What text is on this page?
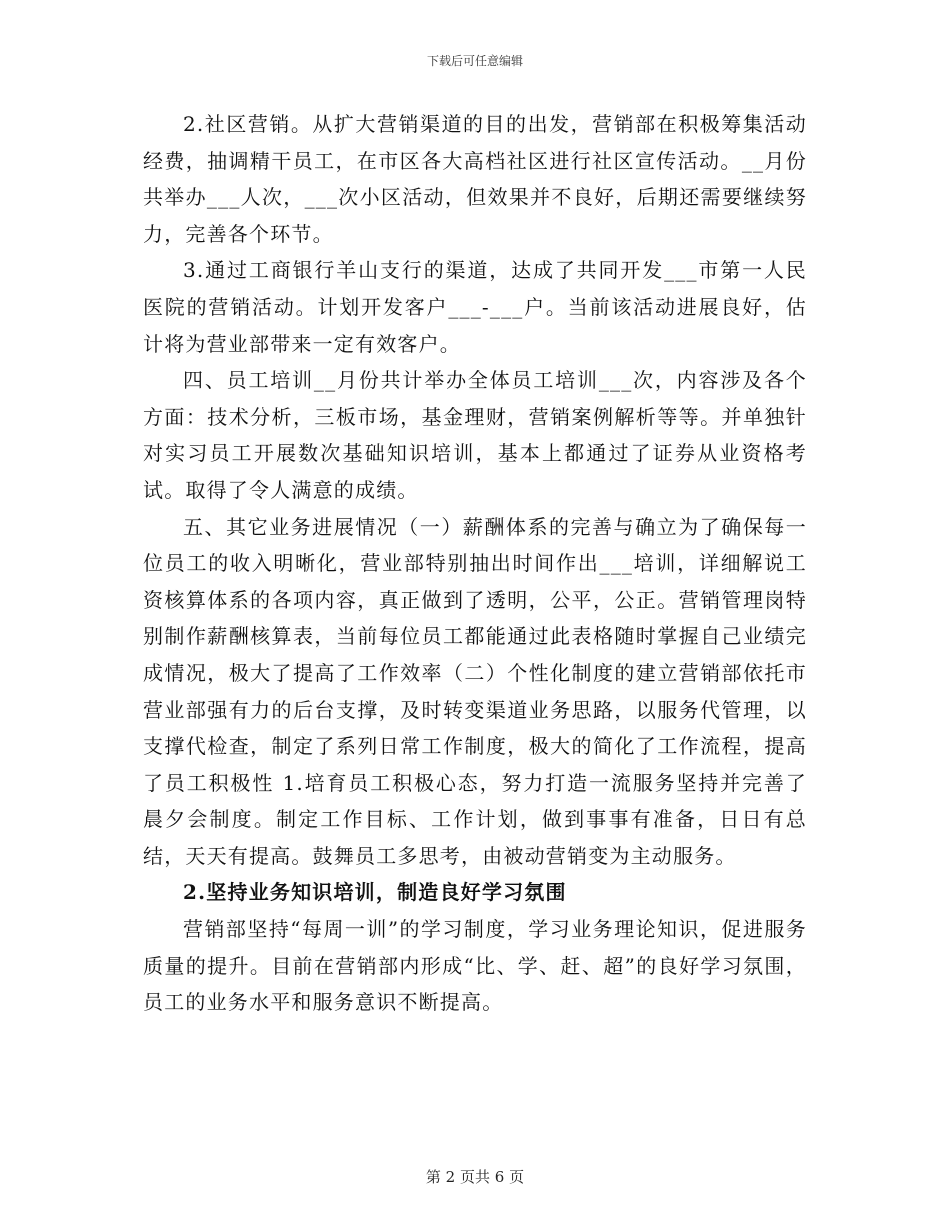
下载后可任意编辑

2.社区营销。从扩大营销渠道的目的出发，营销部在积极筹集活动经费，抽调精干员工，在市区各大高档社区进行社区宣传活动。__月份共举办___人次，___次小区活动，但效果并不良好，后期还需要继续努力，完善各个环节。

3.通过工商银行羊山支行的渠道，达成了共同开发___市第一人民医院的营销活动。计划开发客户___-___户。当前该活动进展良好，估计将为营业部带来一定有效客户。

四、员工培训__月份共计举办全体员工培训___次，内容涉及各个方面：技术分析，三板市场，基金理财，营销案例解析等等。并单独针对实习员工开展数次基础知识培训，基本上都通过了证券从业资格考试。取得了令人满意的成绩。

五、其它业务进展情况（一）薪酬体系的完善与确立为了确保每一位员工的收入明晰化，营业部特别抽出时间作出___培训，详细解说工资核算体系的各项内容，真正做到了透明，公平，公正。营销管理岗特别制作薪酬核算表，当前每位员工都能通过此表格随时掌握自己业绩完成情况，极大了提高了工作效率（二）个性化制度的建立营销部依托市营业部强有力的后台支撑，及时转变渠道业务思路，以服务代管理，以支撑代检查，制定了系列日常工作制度，极大的简化了工作流程，提高了员工积极性 1.培育员工积极心态，努力打造一流服务坚持并完善了晨夕会制度。制定工作目标、工作计划，做到事事有准备，日日有总结，天天有提高。鼓舞员工多思考，由被动营销变为主动服务。

2.坚持业务知识培训，制造良好学习氛围

营销部坚持“每周一训”的学习制度，学习业务理论知识，促进服务质量的提升。目前在营销部内形成“比、学、赶、超”的良好学习氛围，员工的业务水平和服务意识不断提高。

第 2 页共 6 页
